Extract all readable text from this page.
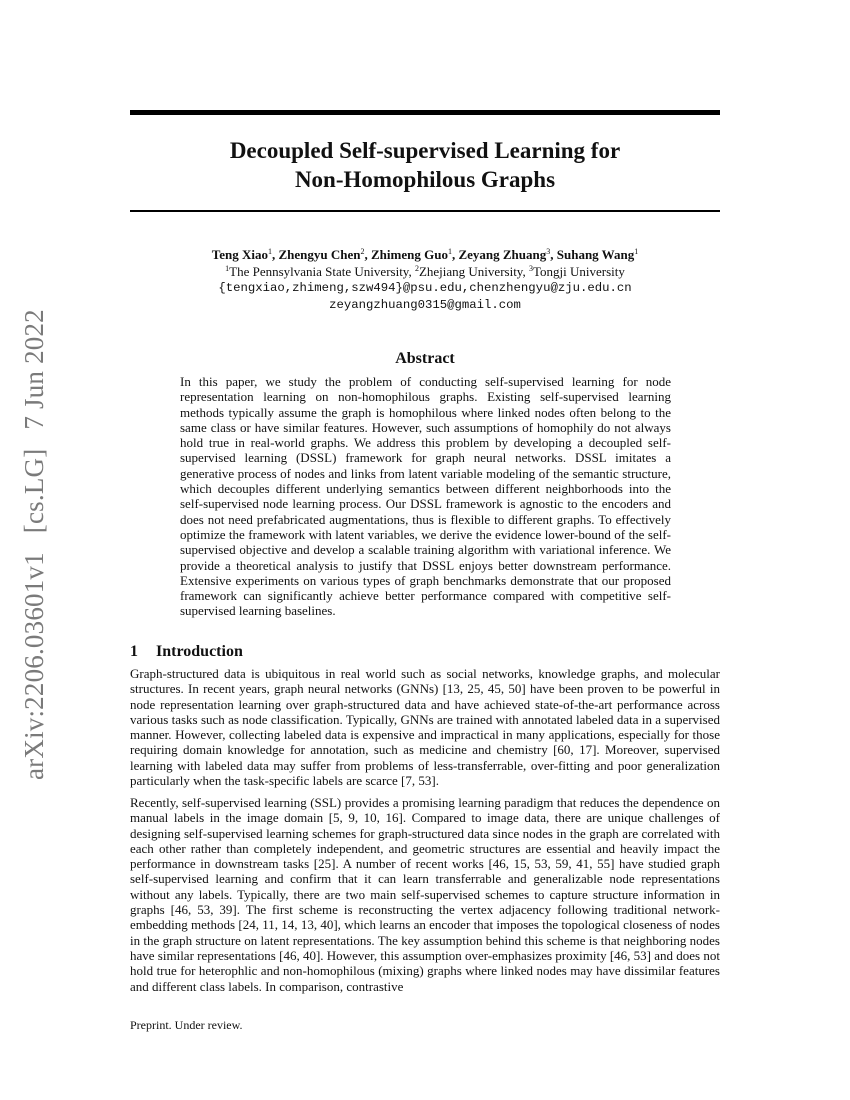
arXiv:2206.03601v1 [cs.LG] 7 Jun 2022
Decoupled Self-supervised Learning for
Non-Homophilous Graphs
Teng Xiao$^1$, Zhengyu Chen$^2$, Zhimeng Guo$^1$, Zeyang Zhuang$^3$, Suhang Wang$^1$
$^1$The Pennsylvania State University, $^2$Zhejiang University, $^3$Tongji University
{tengxiao,zhimeng,szw494}@psu.edu,chenzhengyu@zju.edu.cn
zeyangzhuang0315@gmail.com
Abstract
In this paper, we study the problem of conducting self-supervised learning for node representation learning on non-homophilous graphs. Existing self-supervised learning methods typically assume the graph is homophilous where linked nodes often belong to the same class or have similar features. However, such assumptions of homophily do not always hold true in real-world graphs. We address this problem by developing a decoupled self-supervised learning (DSSL) framework for graph neural networks. DSSL imitates a generative process of nodes and links from latent variable modeling of the semantic structure, which decouples different underlying semantics between different neighborhoods into the self-supervised node learning process. Our DSSL framework is agnostic to the encoders and does not need prefabricated augmentations, thus is flexible to different graphs. To effectively optimize the framework with latent variables, we derive the evidence lower-bound of the self-supervised objective and develop a scalable training algorithm with variational inference. We provide a theoretical analysis to justify that DSSL enjoys better downstream performance. Extensive experiments on various types of graph benchmarks demonstrate that our proposed framework can significantly achieve better performance compared with competitive self-supervised learning baselines.
1 Introduction
Graph-structured data is ubiquitous in real world such as social networks, knowledge graphs, and molecular structures. In recent years, graph neural networks (GNNs) [13, 25, 45, 50] have been proven to be powerful in node representation learning over graph-structured data and have achieved state-of-the-art performance across various tasks such as node classification. Typically, GNNs are trained with annotated labeled data in a supervised manner. However, collecting labeled data is expensive and impractical in many applications, especially for those requiring domain knowledge for annotation, such as medicine and chemistry [60, 17]. Moreover, supervised learning with labeled data may suffer from problems of less-transferrable, over-fitting and poor generalization particularly when the task-specific labels are scarce [7, 53].
Recently, self-supervised learning (SSL) provides a promising learning paradigm that reduces the dependence on manual labels in the image domain [5, 9, 10, 16]. Compared to image data, there are unique challenges of designing self-supervised learning schemes for graph-structured data since nodes in the graph are correlated with each other rather than completely independent, and geometric structures are essential and heavily impact the performance in downstream tasks [25]. A number of recent works [46, 15, 53, 59, 41, 55] have studied graph self-supervised learning and confirm that it can learn transferrable and generalizable node representations without any labels. Typically, there are two main self-supervised schemes to capture structure information in graphs [46, 53, 39]. The first scheme is reconstructing the vertex adjacency following traditional network-embedding methods [24, 11, 14, 13, 40], which learns an encoder that imposes the topological closeness of nodes in the graph structure on latent representations. The key assumption behind this scheme is that neighboring nodes have similar representations [46, 40]. However, this assumption over-emphasizes proximity [46, 53] and does not hold true for heterophlic and non-homophilous (mixing) graphs where linked nodes may have dissimilar features and different class labels. In comparison, contrastive
Preprint. Under review.
